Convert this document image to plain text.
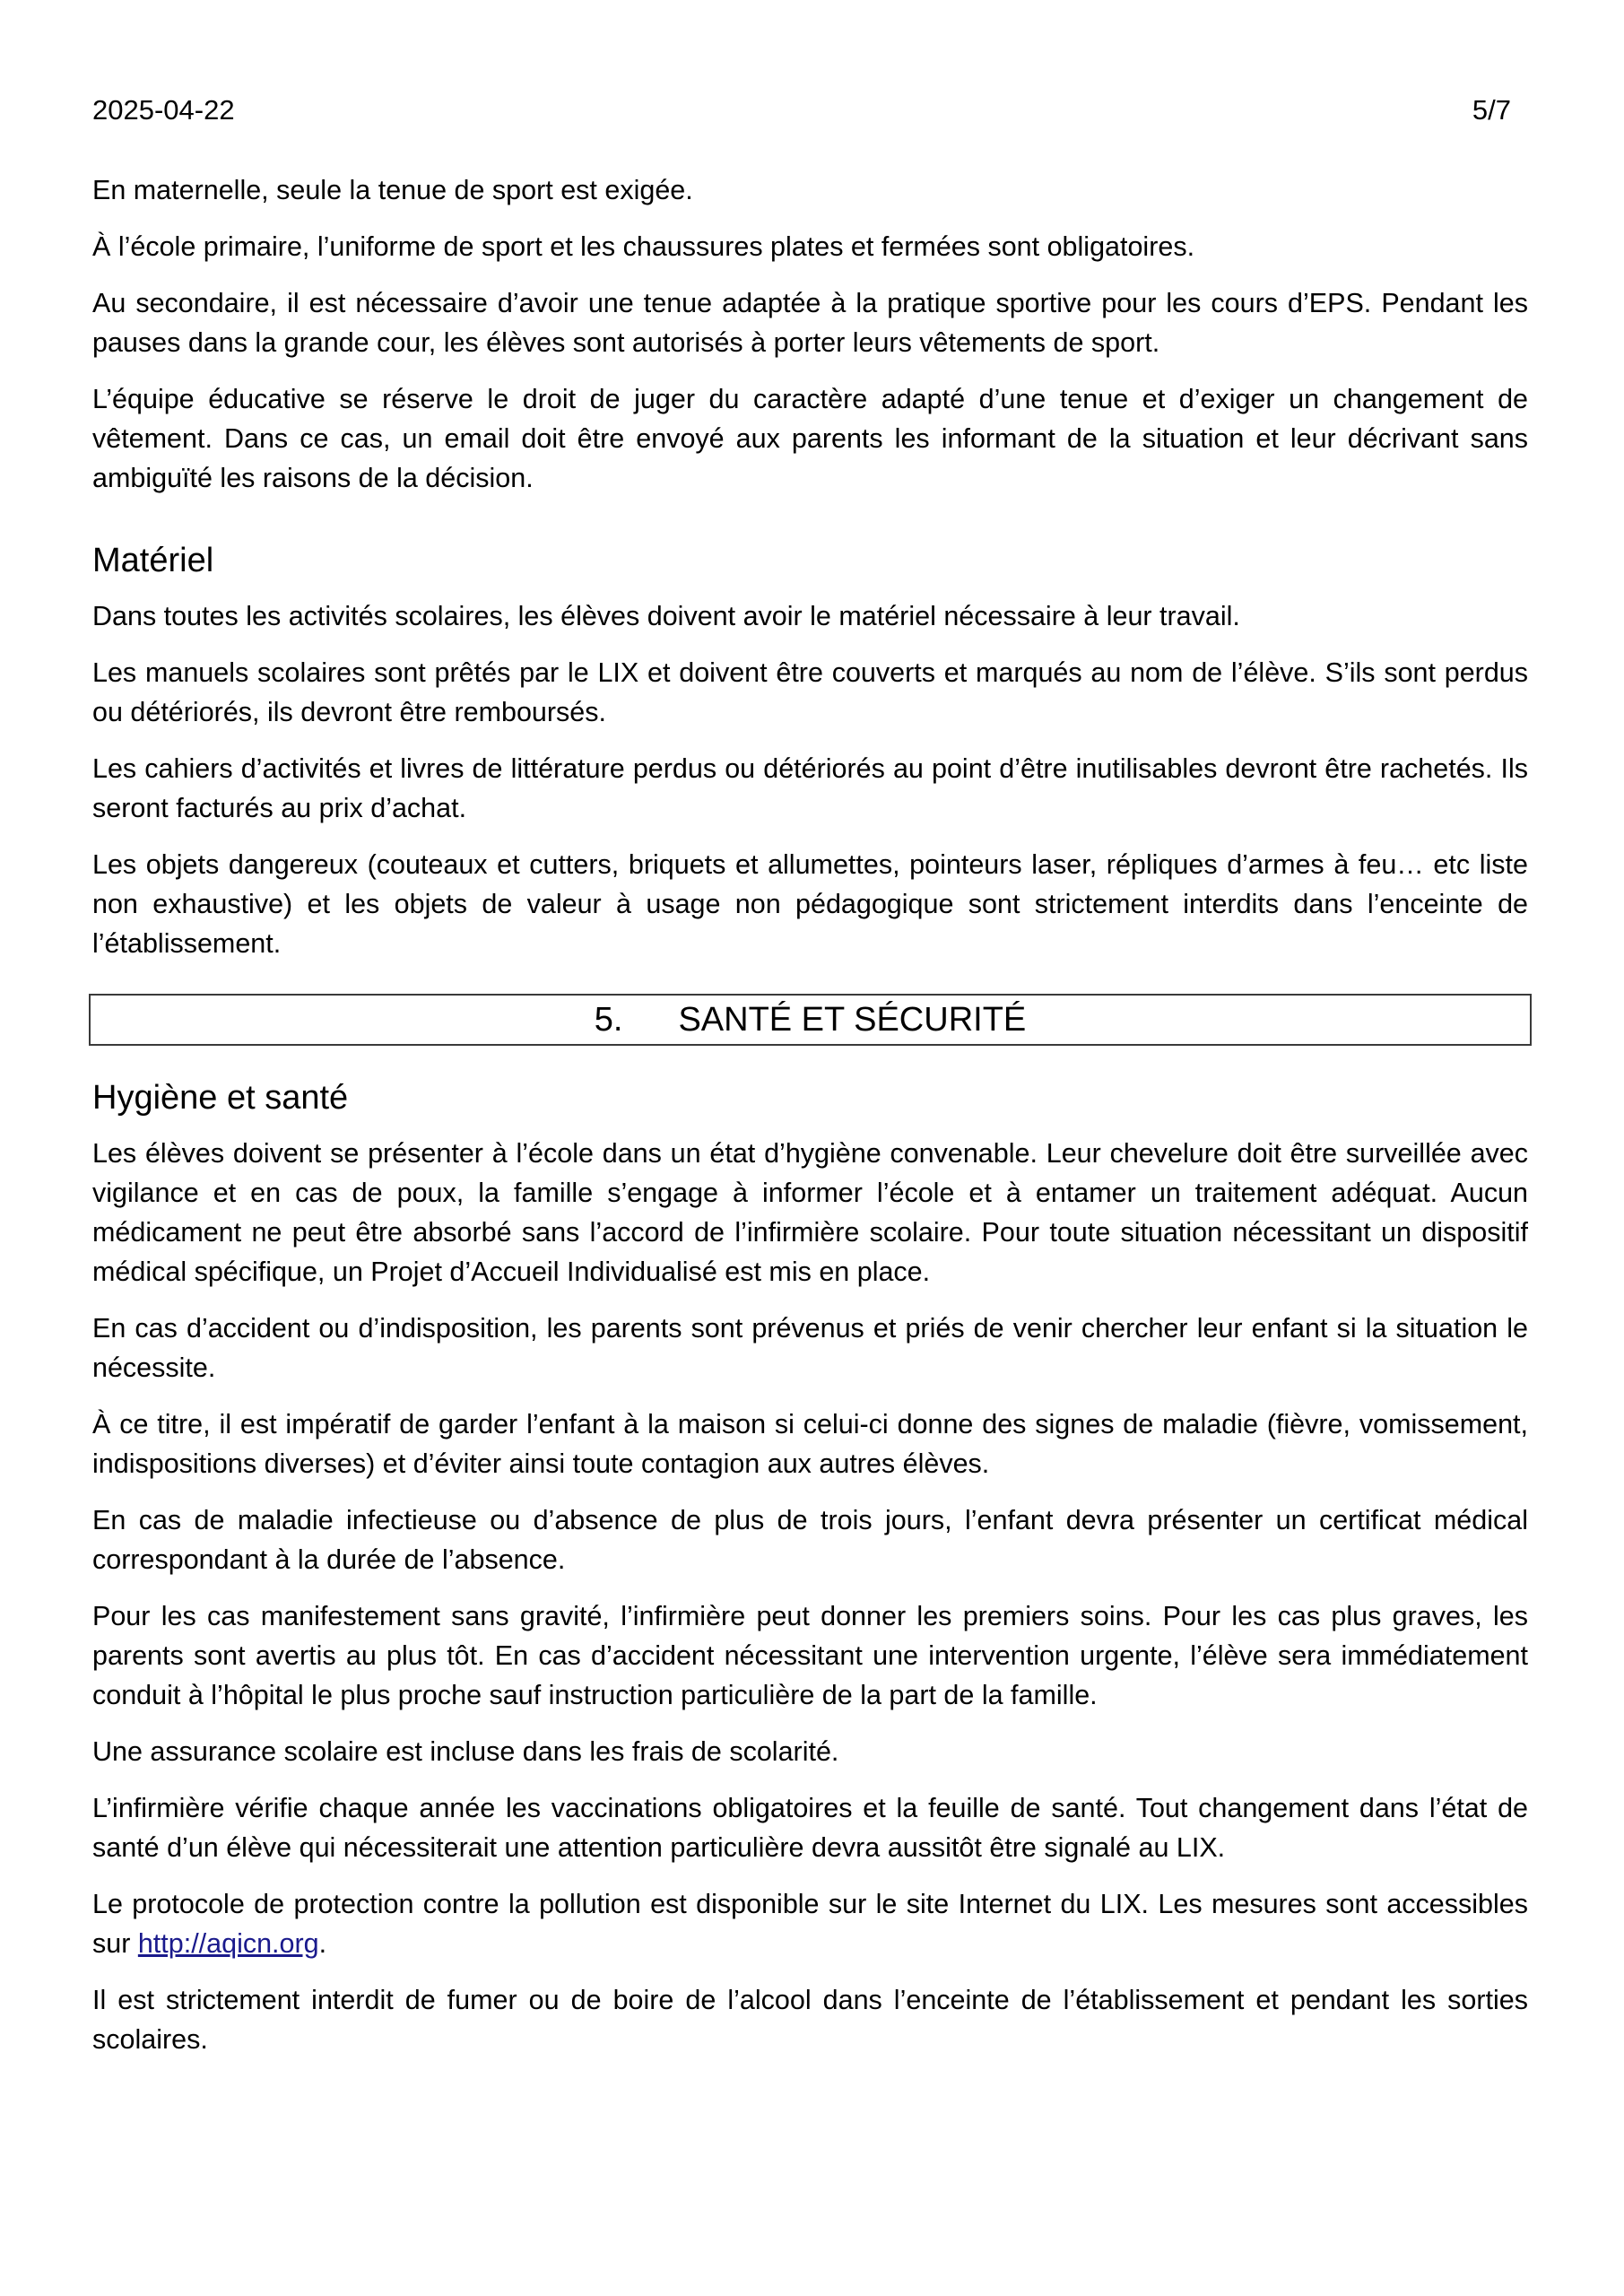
2025-04-22	5/7

En maternelle, seule la tenue de sport est exigée.

À l’école primaire, l’uniforme de sport et les chaussures plates et fermées sont obligatoires.

Au secondaire, il est nécessaire d’avoir une tenue adaptée à la pratique sportive pour les cours d’EPS. Pendant les pauses dans la grande cour, les élèves sont autorisés à porter leurs vêtements de sport.

L’équipe éducative se réserve le droit de juger du caractère adapté d’une tenue et d’exiger un changement de vêtement. Dans ce cas, un email doit être envoyé aux parents les informant de la situation et leur décrivant sans ambiguïté les raisons de la décision.

Matériel

Dans toutes les activités scolaires, les élèves doivent avoir le matériel nécessaire à leur travail.

Les manuels scolaires sont prêtés par le LIX et doivent être couverts et marqués au nom de l’élève. S’ils sont perdus ou détériorés, ils devront être remboursés.

Les cahiers d’activités et livres de littérature perdus ou détériorés au point d’être inutilisables devront être rachetés. Ils seront facturés au prix d’achat.

Les objets dangereux (couteaux et cutters, briquets et allumettes, pointeurs laser, répliques d’armes à feu… etc liste non exhaustive) et les objets de valeur à usage non pédagogique sont strictement interdits dans l’enceinte de l’établissement.

5. SANTÉ ET SÉCURITÉ
Hygiène et santé

Les élèves doivent se présenter à l’école dans un état d’hygiène convenable. Leur chevelure doit être surveillée avec vigilance et en cas de poux, la famille s’engage à informer l’école et à entamer un traitement adéquat. Aucun médicament ne peut être absorbé sans l’accord de l’infirmière scolaire. Pour toute situation nécessitant un dispositif médical spécifique, un Projet d’Accueil Individualisé est mis en place.

En cas d’accident ou d’indisposition, les parents sont prévenus et priés de venir chercher leur enfant si la situation le nécessite.

À ce titre, il est impératif de garder l’enfant à la maison si celui-ci donne des signes de maladie (fièvre, vomissement, indispositions diverses) et d’éviter ainsi toute contagion aux autres élèves.

En cas de maladie infectieuse ou d’absence de plus de trois jours, l’enfant devra présenter un certificat médical correspondant à la durée de l’absence.

Pour les cas manifestement sans gravité, l’infirmière peut donner les premiers soins. Pour les cas plus graves, les parents sont avertis au plus tôt. En cas d’accident nécessitant une intervention urgente, l’élève sera immédiatement conduit à l’hôpital le plus proche sauf instruction particulière de la part de la famille.

Une assurance scolaire est incluse dans les frais de scolarité.

L’infirmière vérifie chaque année les vaccinations obligatoires et la feuille de santé. Tout changement dans l’état de santé d’un élève qui nécessiterait une attention particulière devra aussitôt être signalé au LIX.

Le protocole de protection contre la pollution est disponible sur le site Internet du LIX. Les mesures sont accessibles sur http://aqicn.org.

Il est strictement interdit de fumer ou de boire de l’alcool dans l’enceinte de l’établissement et pendant les sorties scolaires.
